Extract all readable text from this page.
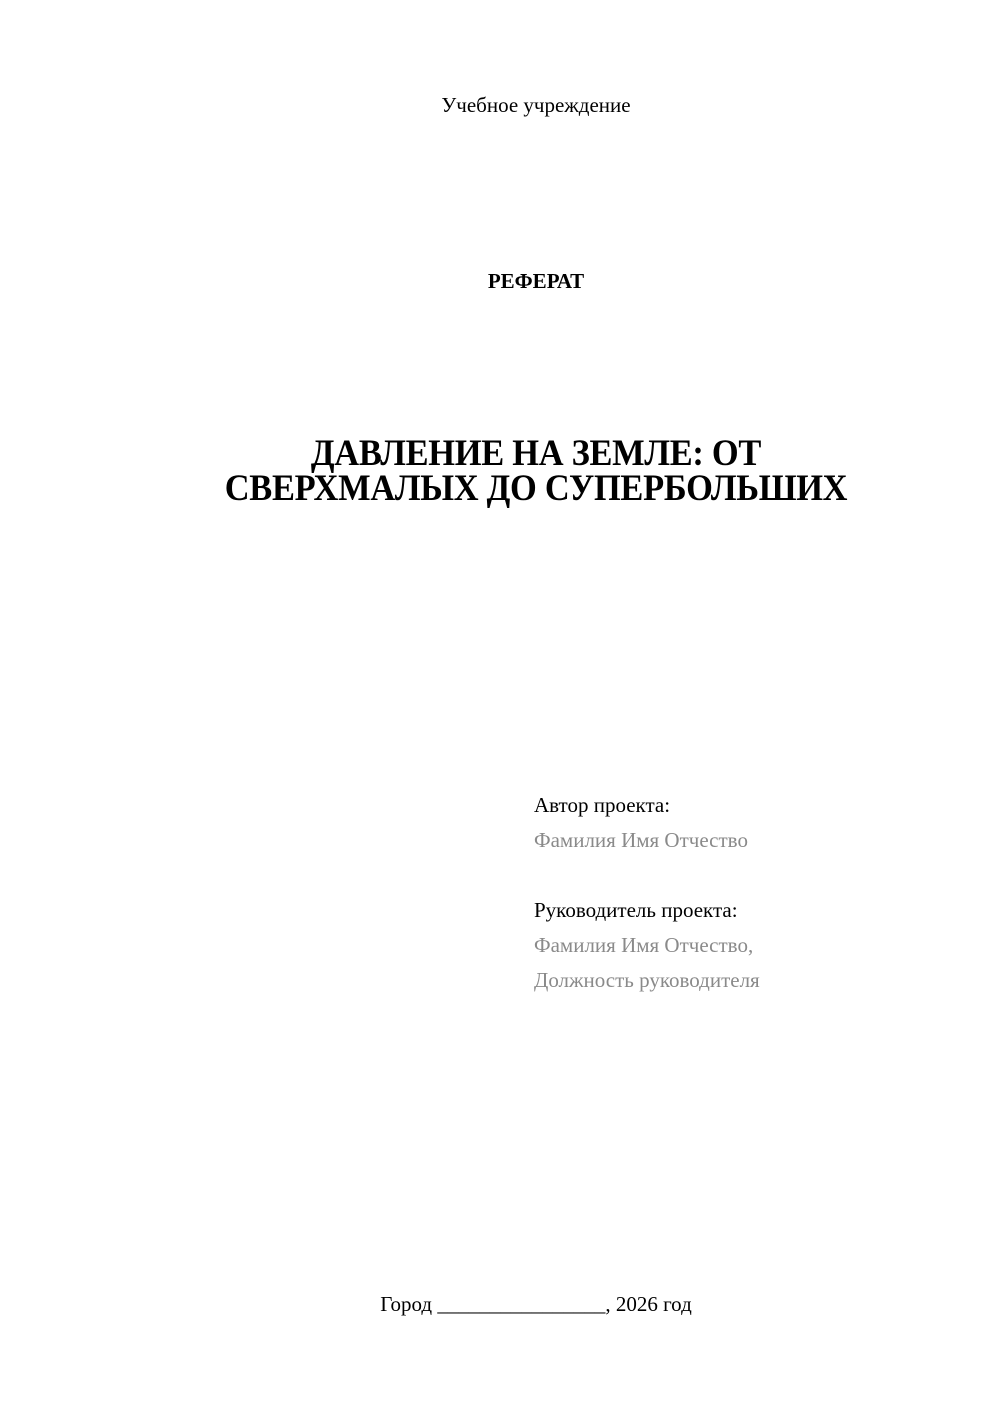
Учебное учреждение
РЕФЕРАТ
ДАВЛЕНИЕ НА ЗЕМЛЕ: ОТ
СВЕРХМАЛЫХ ДО СУПЕРБОЛЬШИХ
Автор проекта:
Фамилия Имя Отчество
Руководитель проекта:
Фамилия Имя Отчество,
Должность руководителя
Город ________________, 2026 год
